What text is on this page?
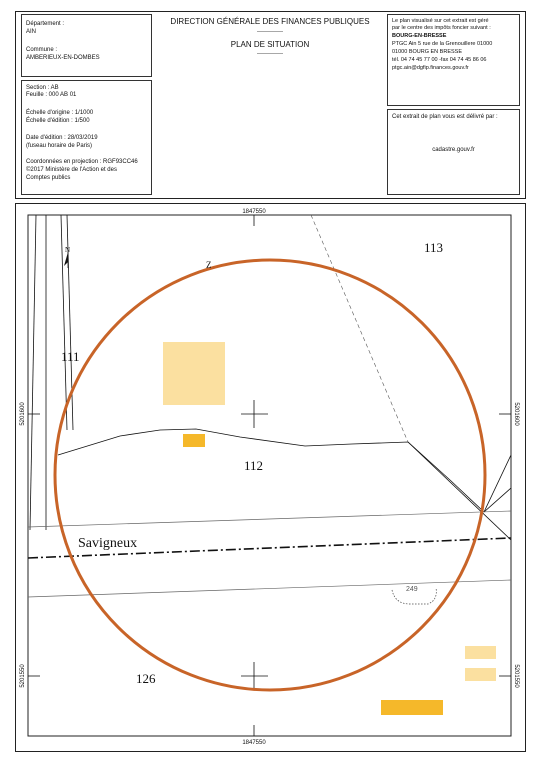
Département :
AIN
Commune :
AMBERIEUX-EN-DOMBES
Section : AB
Feuille : 000 AB 01
Échelle d'origine : 1/1000
Échelle d'édition : 1/500
Date d'édition : 28/03/2019
(fuseau horaire de Paris)
Coordonnées en projection : RGF93CC46
©2017 Ministère de l'Action et des
Comptes publics
DIRECTION GÉNÉRALE DES FINANCES PUBLIQUES
-------------
PLAN DE SITUATION
-------------
Le plan visualisé sur cet extrait est géré
par le centre des impôts foncier suivant :
BOURG-EN-BRESSE
PTGC Ain 5 rue de la Grenouillere 01000
01000 BOURG EN BRESSE
tél. 04 74 45 77 00 -fax 04 74 45 86 06
ptgc.ain@dgfip.finances.gouv.fr
Cet extrait de plan vous est délivré par :
cadastre.gouv.fr
N
1847550
1847550
5201600
5201550
5201600
5201550
Z
113
111
112
126
Savigneux
249
